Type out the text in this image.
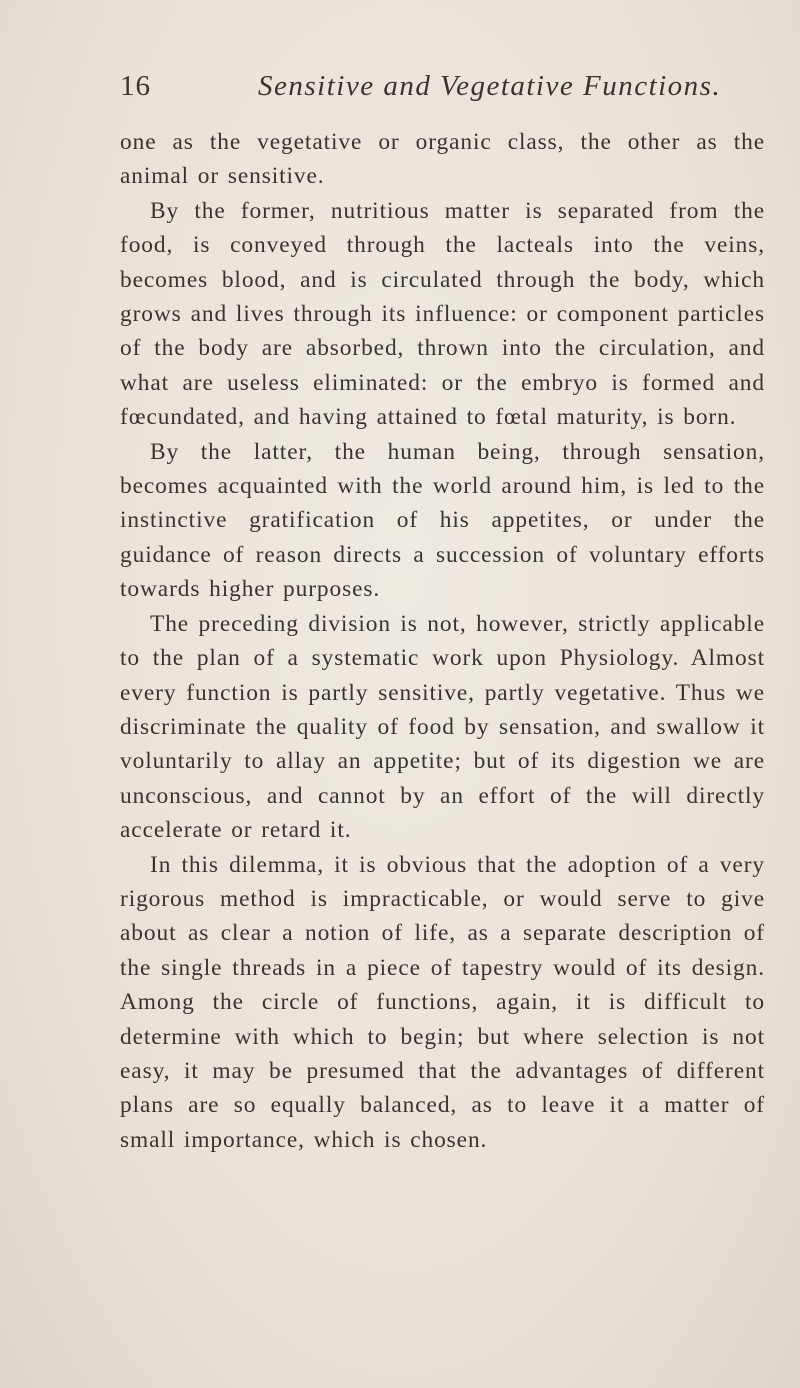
16	Sensitive and Vegetative Functions.

one as the vegetative or organic class, the other as the animal or sensitive.

By the former, nutritious matter is separated from the food, is conveyed through the lacteals into the veins, becomes blood, and is circulated through the body, which grows and lives through its influence: or component particles of the body are absorbed, thrown into the circulation, and what are useless eliminated: or the embryo is formed and fœcundated, and having attained to fœtal maturity, is born.

By the latter, the human being, through sensation, becomes acquainted with the world around him, is led to the instinctive gratification of his appetites, or under the guidance of reason directs a succession of voluntary efforts towards higher purposes.

The preceding division is not, however, strictly applicable to the plan of a systematic work upon Physiology. Almost every function is partly sensitive, partly vegetative. Thus we discriminate the quality of food by sensation, and swallow it voluntarily to allay an appetite; but of its digestion we are unconscious, and cannot by an effort of the will directly accelerate or retard it.

In this dilemma, it is obvious that the adoption of a very rigorous method is impracticable, or would serve to give about as clear a notion of life, as a separate description of the single threads in a piece of tapestry would of its design. Among the circle of functions, again, it is difficult to determine with which to begin; but where selection is not easy, it may be presumed that the advantages of different plans are so equally balanced, as to leave it a matter of small importance, which is chosen.
